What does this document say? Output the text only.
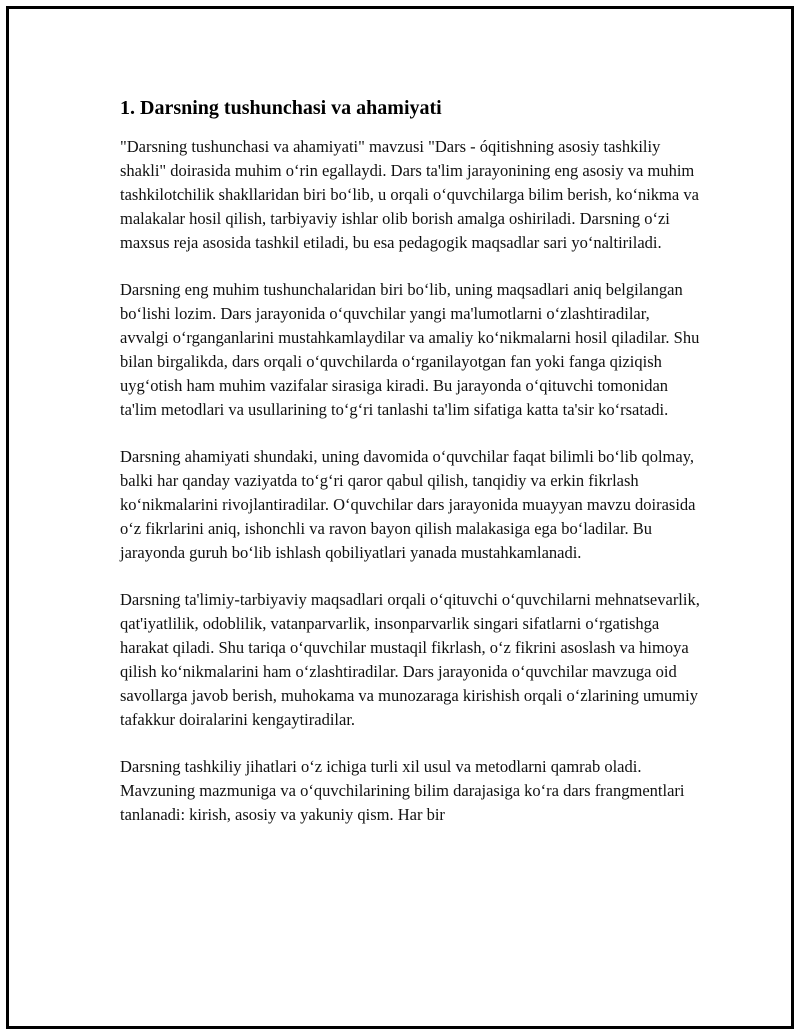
1. Darsning tushunchasi va ahamiyati

"Darsning tushunchasi va ahamiyati" mavzusi "Dars - óqitishning asosiy tashkiliy shakli" doirasida muhim o‘rin egallaydi. Dars ta'lim jarayonining eng asosiy va muhim tashkilotchilik shakllaridan biri bo‘lib, u orqali o‘quvchilarga bilim berish, ko‘nikma va malakalar hosil qilish, tarbiyaviy ishlar olib borish amalga oshiriladi. Darsning o‘zi maxsus reja asosida tashkil etiladi, bu esa pedagogik maqsadlar sari yo‘naltiriladi.

Darsning eng muhim tushunchalaridan biri bo‘lib, uning maqsadlari aniq belgilangan bo‘lishi lozim. Dars jarayonida o‘quvchilar yangi ma'lumotlarni o‘zlashtiradilar, avvalgi o‘rganganlarini mustahkamlaydilar va amaliy ko‘nikmalarni hosil qiladilar. Shu bilan birgalikda, dars orqali o‘quvchilarda o‘rganilayotgan fan yoki fanga qiziqish uyg‘otish ham muhim vazifalar sirasiga kiradi. Bu jarayonda o‘qituvchi tomonidan ta'lim metodlari va usullarining to‘g‘ri tanlashi ta'lim sifatiga katta ta'sir ko‘rsatadi.

Darsning ahamiyati shundaki, uning davomida o‘quvchilar faqat bilimli bo‘lib qolmay, balki har qanday vaziyatda to‘g‘ri qaror qabul qilish, tanqidiy va erkin fikrlash ko‘nikmalarini rivojlantiradilar. O‘quvchilar dars jarayonida muayyan mavzu doirasida o‘z fikrlarini aniq, ishonchli va ravon bayon qilish malakasiga ega bo‘ladilar. Bu jarayonda guruh bo‘lib ishlash qobiliyatlari yanada mustahkamlanadi.

Darsning ta'limiy-tarbiyaviy maqsadlari orqali o‘qituvchi o‘quvchilarni mehnatsevarlik, qat'iyatlilik, odoblilik, vatanparvarlik, insonparvarlik singari sifatlarni o‘rgatishga harakat qiladi. Shu tariqa o‘quvchilar mustaqil fikrlash, o‘z fikrini asoslash va himoya qilish ko‘nikmalarini ham o‘zlashtiradilar. Dars jarayonida o‘quvchilar mavzuga oid savollarga javob berish, muhokama va munozaraga kirishish orqali o‘zlarining umumiy tafakkur doiralarini kengaytiradilar.

Darsning tashkiliy jihatlari o‘z ichiga turli xil usul va metodlarni qamrab oladi. Mavzuning mazmuniga va o‘quvchilarining bilim darajasiga ko‘ra dars frangmentlari tanlanadi: kirish, asosiy va yakuniy qism. Har bir
